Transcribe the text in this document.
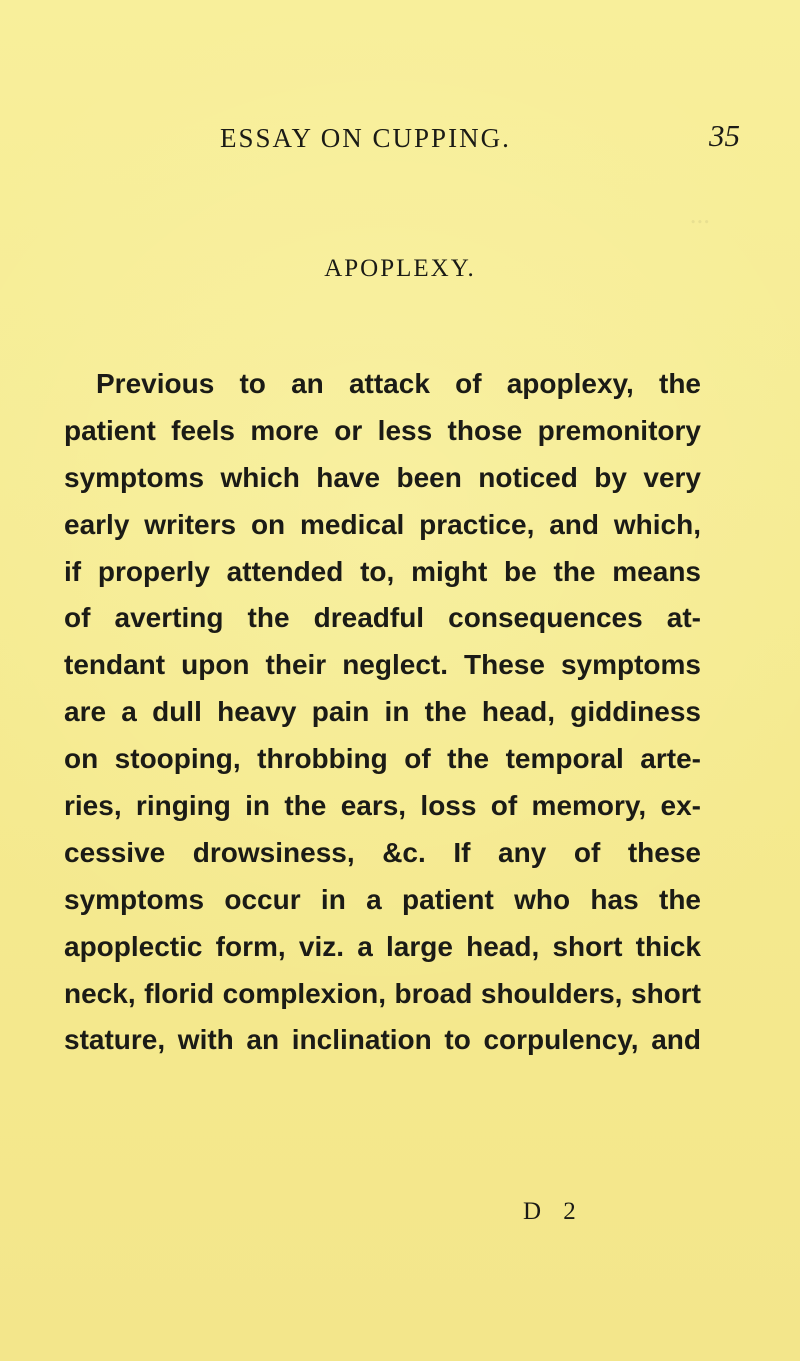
...
ESSAY ON CUPPING.	35
APOPLEXY.
Previous to an attack of apoplexy, the
patient feels more or less those premonitory
symptoms which have been noticed by very
early writers on medical practice, and which,
if properly attended to, might be the means
of averting the dreadful consequences at-
tendant upon their neglect. These symptoms
are a dull heavy pain in the head, giddiness
on stooping, throbbing of the temporal arte-
ries, ringing in the ears, loss of memory, ex-
cessive drowsiness, &c. If any of these
symptoms occur in a patient who has the
apoplectic form, viz. a large head, short thick
neck, florid complexion, broad shoulders, short
stature, with an inclination to corpulency, and
D 2
